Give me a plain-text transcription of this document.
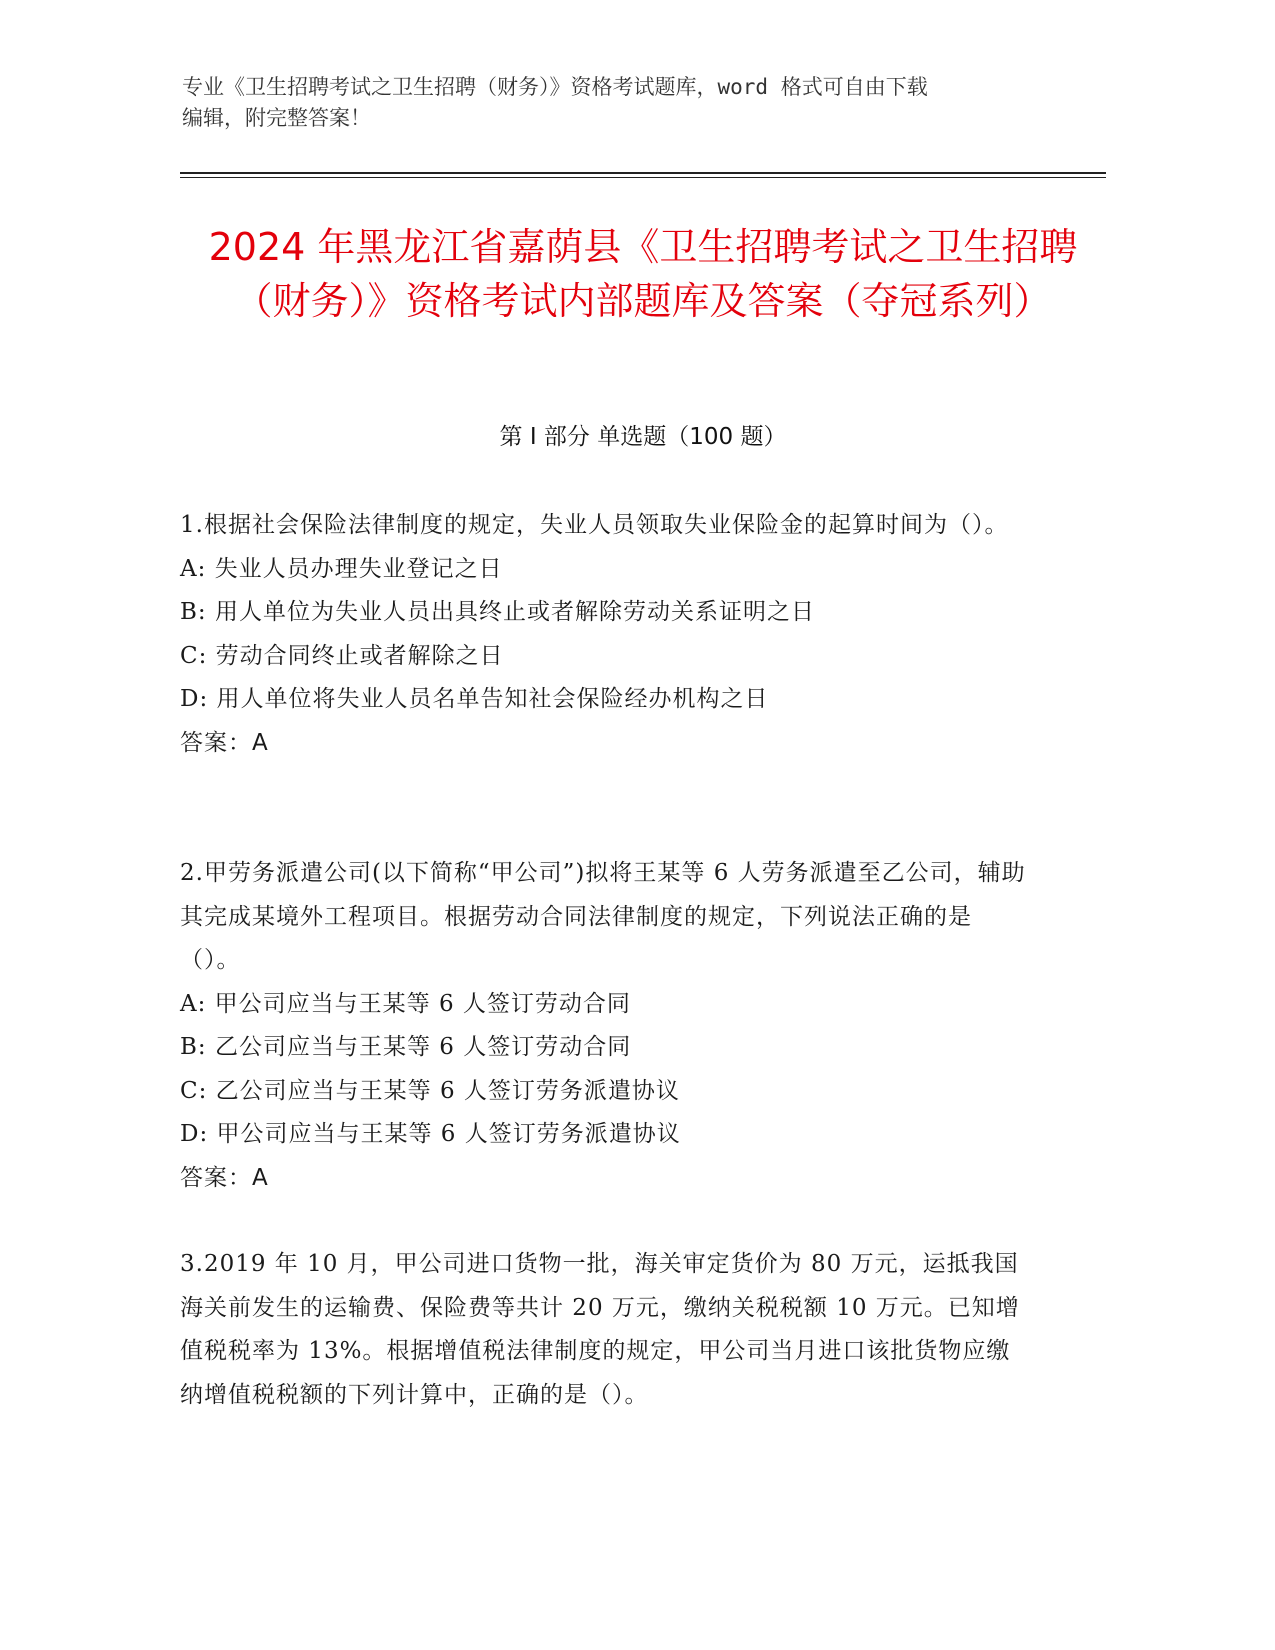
专业《卫生招聘考试之卫生招聘（财务）》资格考试题库，word 格式可自由下载
编辑，附完整答案！
2024 年黑龙江省嘉荫县《卫生招聘考试之卫生招聘（财务）》资格考试内部题库及答案（夺冠系列）
第 I 部分 单选题（100 题）
1.根据社会保险法律制度的规定，失业人员领取失业保险金的起算时间为（）。
A: 失业人员办理失业登记之日
B: 用人单位为失业人员出具终止或者解除劳动关系证明之日
C: 劳动合同终止或者解除之日
D: 用人单位将失业人员名单告知社会保险经办机构之日
答案：A
2.甲劳务派遣公司(以下简称“甲公司”)拟将王某等 6 人劳务派遣至乙公司，辅助其完成某境外工程项目。根据劳动合同法律制度的规定，下列说法正确的是（）。
A: 甲公司应当与王某等 6 人签订劳动合同
B: 乙公司应当与王某等 6 人签订劳动合同
C: 乙公司应当与王某等 6 人签订劳务派遣协议
D: 甲公司应当与王某等 6 人签订劳务派遣协议
答案：A
3.2019 年 10 月，甲公司进口货物一批，海关审定货价为 80 万元，运抵我国海关前发生的运输费、保险费等共计 20 万元，缴纳关税税额 10 万元。已知增值税税率为 13%。根据增值税法律制度的规定，甲公司当月进口该批货物应缴纳增值税税额的下列计算中，正确的是（）。
